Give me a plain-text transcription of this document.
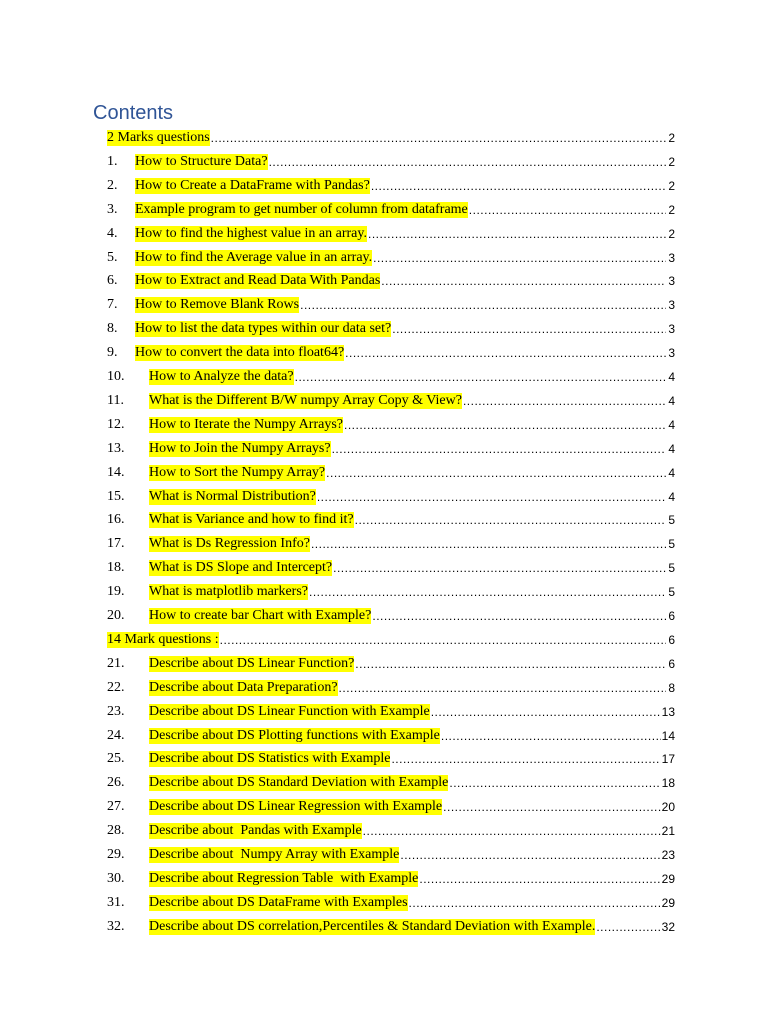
Contents
2 Marks questions .....	2
1.	How to Structure Data? .....	2
2.	How to Create a DataFrame with Pandas? .....	2
3.	Example program to get number of column from dataframe .....	2
4.	How to find the highest value in an array. .....	2
5.	How to find the Average value in an array. .....	3
6.	How to Extract and Read Data With Pandas .....	3
7.	How to Remove Blank Rows .....	3
8.	How to list the data types within our data set? .....	3
9.	How to convert the data into float64? .....	3
10.	How to Analyze the data? .....	4
11.	What is the Different B/W numpy Array Copy & View? .....	4
12.	How to Iterate the Numpy Arrays? .....	4
13.	How to Join the Numpy Arrays? .....	4
14.	How to Sort the Numpy Array? .....	4
15.	What is Normal Distribution? .....	4
16.	What is Variance and how to find it? .....	5
17.	What is Ds Regression Info? .....	5
18.	What is DS Slope and Intercept? .....	5
19.	What is matplotlib markers? .....	5
20.	How to create bar Chart with Example? .....	6
14 Mark questions : .....	6
21.	Describe about DS Linear Function? .....	6
22.	Describe about Data Preparation? .....	8
23.	Describe about DS Linear Function with Example .....	13
24.	Describe about DS Plotting functions with Example .....	14
25.	Describe about DS Statistics with Example .....	17
26.	Describe about DS Standard Deviation with Example .....	18
27.	Describe about DS Linear Regression with Example .....	20
28.	Describe about  Pandas with Example .....	21
29.	Describe about  Numpy Array with Example .....	23
30.	Describe about Regression Table  with Example .....	29
31.	Describe about DS DataFrame with Examples .....	29
32.	Describe about DS correlation,Percentiles & Standard Deviation with Example. .....	32
